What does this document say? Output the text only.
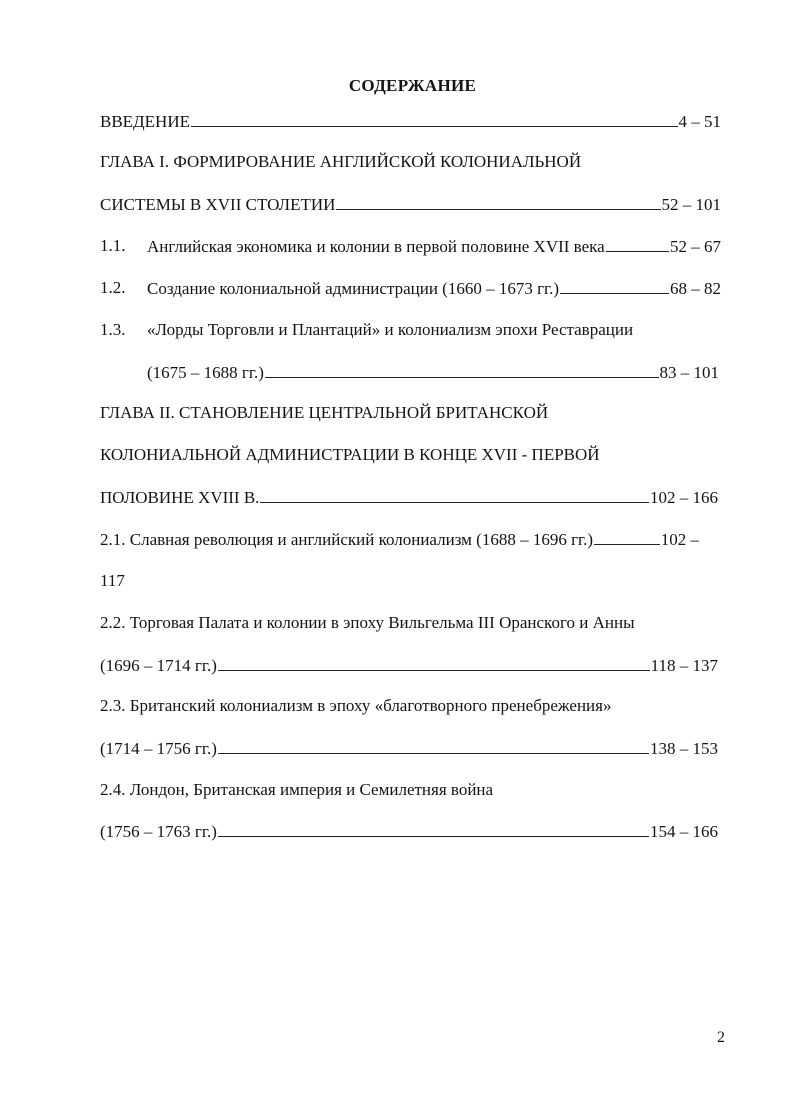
СОДЕРЖАНИЕ
ВВЕДЕНИЕ	4 – 51
ГЛАВА I. ФОРМИРОВАНИЕ АНГЛИЙСКОЙ КОЛОНИАЛЬНОЙ
СИСТЕМЫ В XVII СТОЛЕТИИ	52 – 101
1.1. Английская экономика и колонии в первой половине XVII века	52 – 67
1.2. Создание колониальной администрации (1660 – 1673 гг.)	68 – 82
1.3. «Лорды Торговли и Плантаций» и колониализм эпохи Реставрации
(1675 – 1688 гг.)	83 – 101
ГЛАВА II. СТАНОВЛЕНИЕ ЦЕНТРАЛЬНОЙ БРИТАНСКОЙ
КОЛОНИАЛЬНОЙ АДМИНИСТРАЦИИ В КОНЦЕ XVII - ПЕРВОЙ
ПОЛОВИНЕ XVIII В.	102 – 166
2.1. Славная революция и английский колониализм (1688 – 1696 гг.)	102 –
117
2.2. Торговая Палата и колонии в эпоху Вильгельма III Оранского и Анны
(1696 – 1714 гг.)	118 – 137
2.3. Британский колониализм в эпоху «благотворного пренебрежения»
(1714 – 1756 гг.)	138 – 153
2.4. Лондон, Британская империя и Семилетняя война
(1756 – 1763 гг.)	154 – 166
2
